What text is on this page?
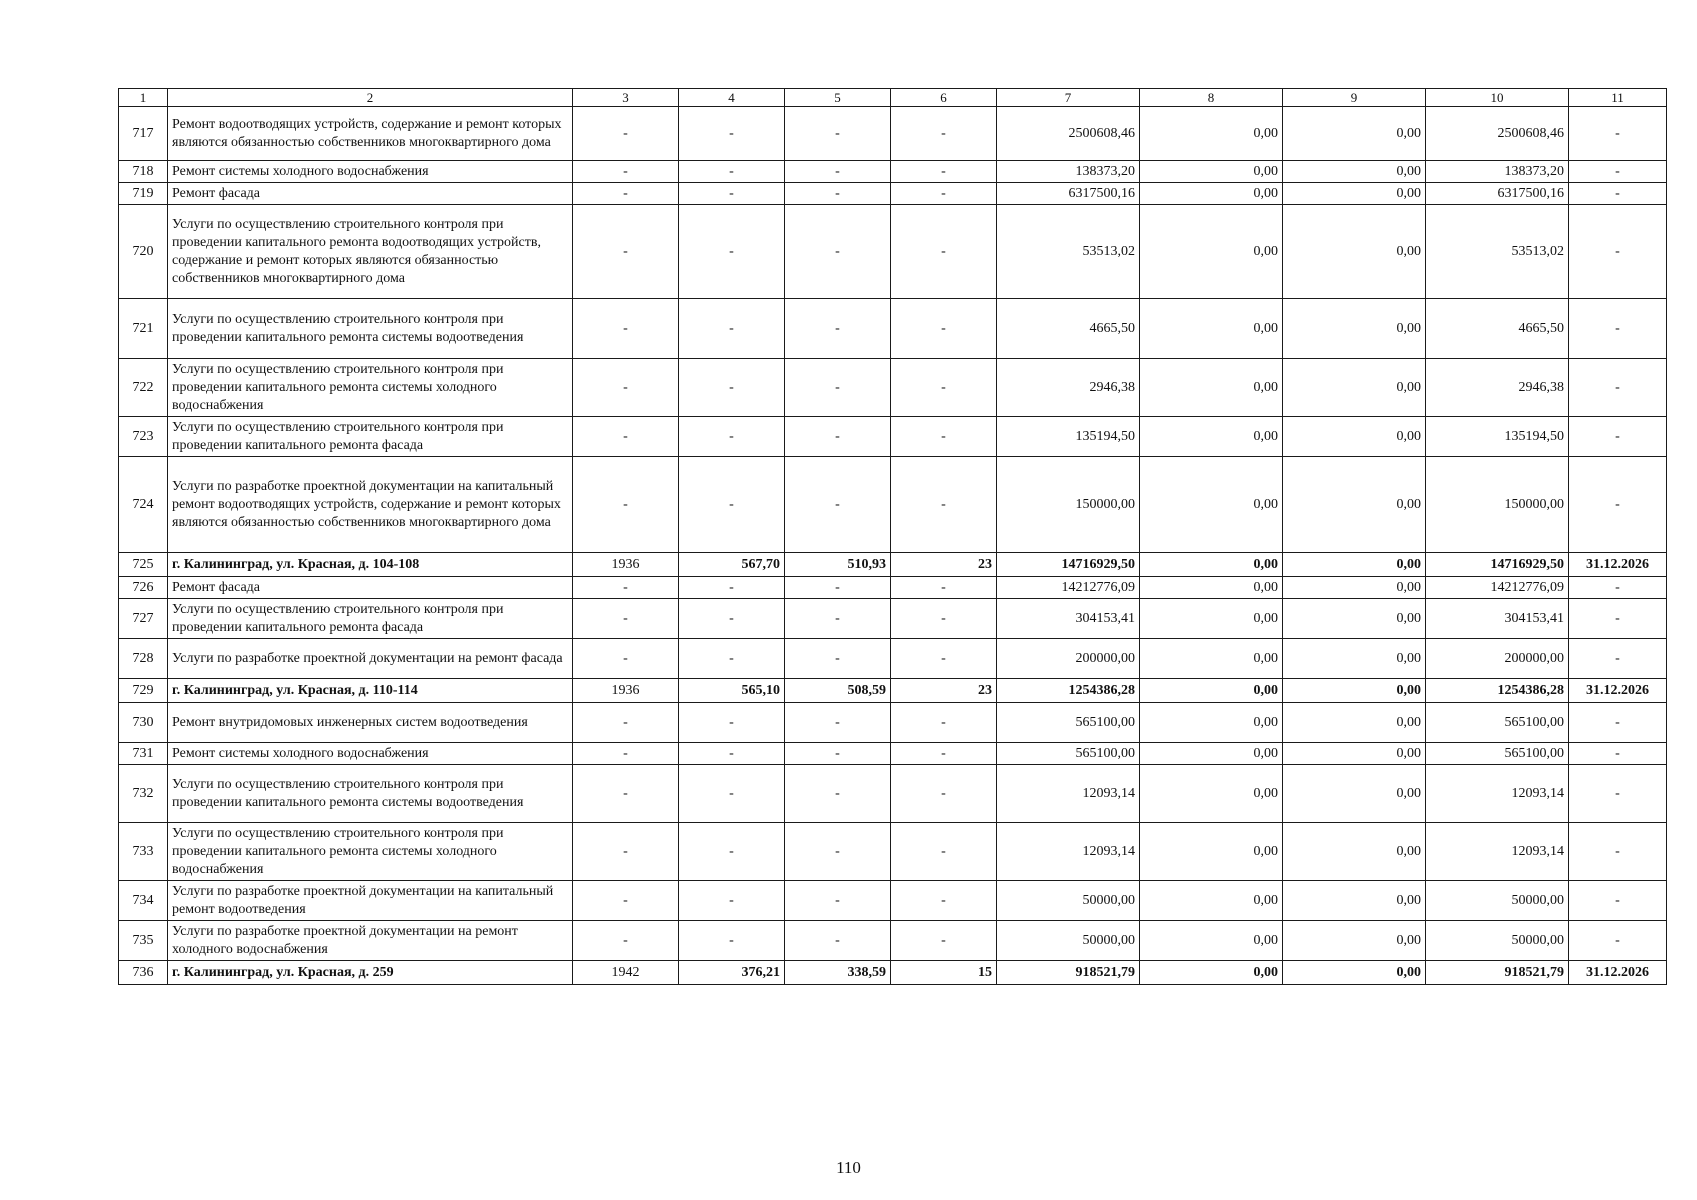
1	2	3	4	5	6	7	8	9	10	11
717	Ремонт водоотводящих устройств, содержание и ремонт которых являются обязанностью собственников многоквартирного дома	-	-	-	-	2500608,46	0,00	0,00	2500608,46	-
718	Ремонт системы холодного водоснабжения	-	-	-	-	138373,20	0,00	0,00	138373,20	-
719	Ремонт фасада	-	-	-	-	6317500,16	0,00	0,00	6317500,16	-
720	Услуги по осуществлению строительного контроля при проведении капитального ремонта водоотводящих устройств, содержание и ремонт которых являются обязанностью собственников многоквартирного дома	-	-	-	-	53513,02	0,00	0,00	53513,02	-
721	Услуги по осуществлению строительного контроля при проведении капитального ремонта системы водоотведения	-	-	-	-	4665,50	0,00	0,00	4665,50	-
722	Услуги по осуществлению строительного контроля при проведении капитального ремонта системы холодного водоснабжения	-	-	-	-	2946,38	0,00	0,00	2946,38	-
723	Услуги по осуществлению строительного контроля при проведении капитального ремонта фасада	-	-	-	-	135194,50	0,00	0,00	135194,50	-
724	Услуги по разработке проектной документации на капитальный ремонт водоотводящих устройств, содержание и ремонт которых являются обязанностью собственников многоквартирного дома	-	-	-	-	150000,00	0,00	0,00	150000,00	-
725	г. Калининград, ул. Красная, д. 104-108	1936	567,70	510,93	23	14716929,50	0,00	0,00	14716929,50	31.12.2026
726	Ремонт фасада	-	-	-	-	14212776,09	0,00	0,00	14212776,09	-
727	Услуги по осуществлению строительного контроля при проведении капитального ремонта фасада	-	-	-	-	304153,41	0,00	0,00	304153,41	-
728	Услуги по разработке проектной документации на ремонт фасада	-	-	-	-	200000,00	0,00	0,00	200000,00	-
729	г. Калининград, ул. Красная, д. 110-114	1936	565,10	508,59	23	1254386,28	0,00	0,00	1254386,28	31.12.2026
730	Ремонт внутридомовых инженерных систем водоотведения	-	-	-	-	565100,00	0,00	0,00	565100,00	-
731	Ремонт системы холодного водоснабжения	-	-	-	-	565100,00	0,00	0,00	565100,00	-
732	Услуги по осуществлению строительного контроля при проведении капитального ремонта системы водоотведения	-	-	-	-	12093,14	0,00	0,00	12093,14	-
733	Услуги по осуществлению строительного контроля при проведении капитального ремонта системы холодного водоснабжения	-	-	-	-	12093,14	0,00	0,00	12093,14	-
734	Услуги по разработке проектной документации на капитальный ремонт водоотведения	-	-	-	-	50000,00	0,00	0,00	50000,00	-
735	Услуги по разработке проектной документации на ремонт холодного водоснабжения	-	-	-	-	50000,00	0,00	0,00	50000,00	-
736	г. Калининград, ул. Красная, д. 259	1942	376,21	338,59	15	918521,79	0,00	0,00	918521,79	31.12.2026
110
